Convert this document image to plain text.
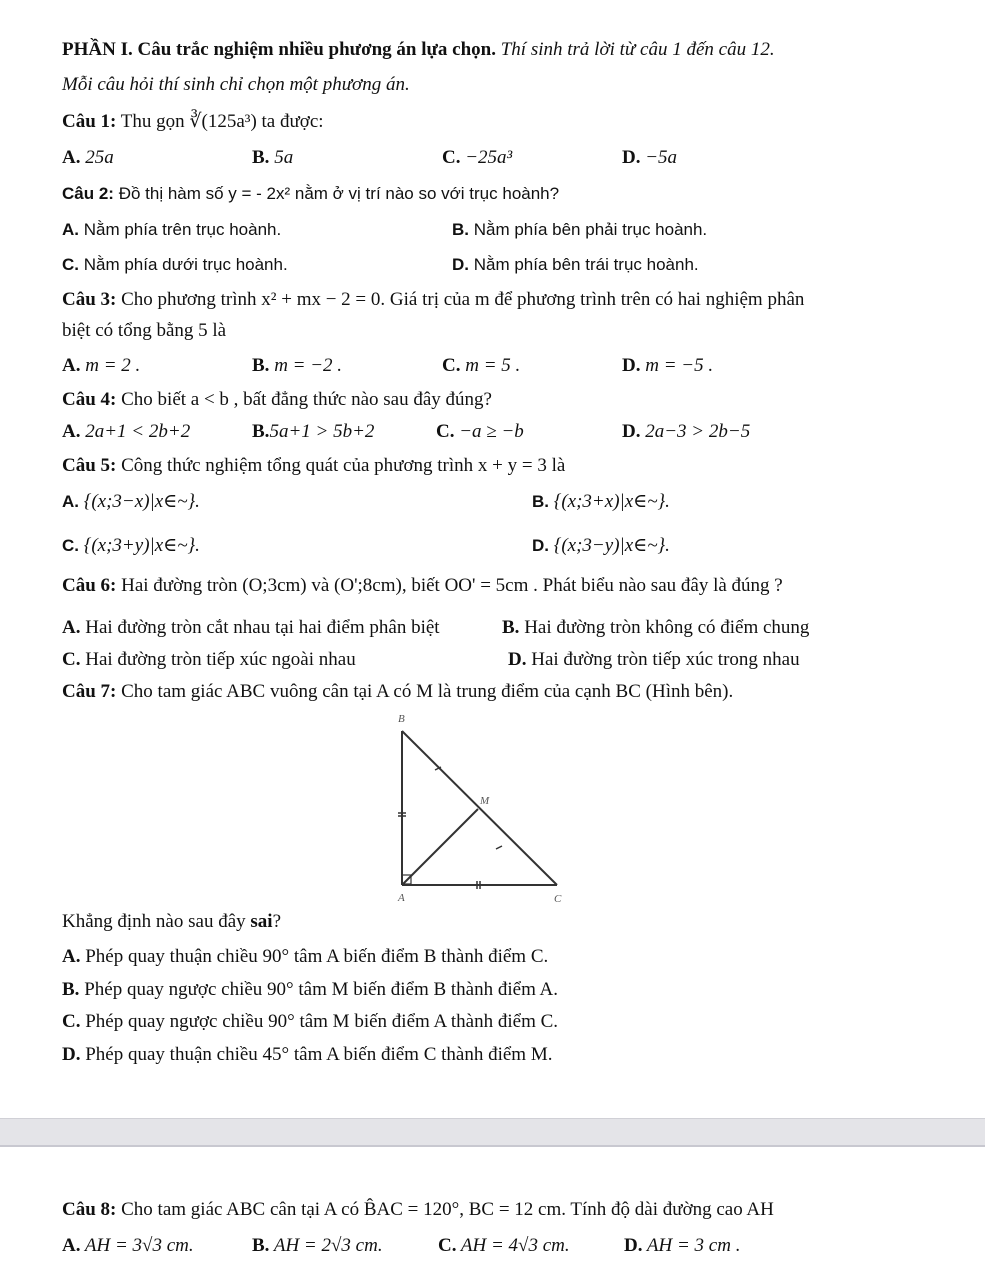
PHẦN I. Câu trắc nghiệm nhiều phương án lựa chọn. Thí sinh trả lời từ câu 1 đến câu 12.
Mỗi câu hỏi thí sinh chỉ chọn một phương án.
Câu 1: Thu gọn ∛(125a³) ta được:
A. 25a	B. 5a	C. −25a³	D. −5a
Câu 2: Đồ thị hàm số y = - 2x² nằm ở vị trí nào so với trục hoành?
A. Nằm phía trên trục hoành.	B. Nằm phía bên phải trục hoành.
C. Nằm phía dưới trục hoành.	D. Nằm phía bên trái trục hoành.
Câu 3: Cho phương trình x² + mx − 2 = 0. Giá trị của m để phương trình trên có hai nghiệm phân
biệt có tổng bằng 5 là
A. m = 2 .	B. m = −2 .	C. m = 5 .	D. m = −5 .
Câu 4: Cho biết a < b , bất đẳng thức nào sau đây đúng?
A. 2a+1 < 2b+2	B.5a+1 > 5b+2	C. −a ≥ −b	D. 2a−3 > 2b−5
Câu 5: Công thức nghiệm tổng quát của phương trình x + y = 3 là
A. {(x;3−x)|x∈~}.	B. {(x;3+x)|x∈~}.
C. {(x;3+y)|x∈~}.	D. {(x;3−y)|x∈~}.
Câu 6: Hai đường tròn (O;3cm) và (O';8cm), biết OO' = 5cm . Phát biểu nào sau đây là đúng ?
A. Hai đường tròn cắt nhau tại hai điểm phân biệt	B. Hai đường tròn không có điểm chung
C. Hai đường tròn tiếp xúc ngoài nhau	D. Hai đường tròn tiếp xúc trong nhau
Câu 7: Cho tam giác ABC vuông cân tại A có M là trung điểm của cạnh BC (Hình bên).
B
M
A	C
Khẳng định nào sau đây sai?
A. Phép quay thuận chiều 90° tâm A biến điểm B thành điểm C.
B. Phép quay ngược chiều 90° tâm M biến điểm B thành điểm A.
C. Phép quay ngược chiều 90° tâm M biến điểm A thành điểm C.
D. Phép quay thuận chiều 45° tâm A biến điểm C thành điểm M.
Câu 8: Cho tam giác ABC cân tại A có B̂AC = 120°, BC = 12 cm. Tính độ dài đường cao AH
A. AH = 3√3 cm.	B. AH = 2√3 cm.	C. AH = 4√3 cm.	D. AH = 3 cm .
